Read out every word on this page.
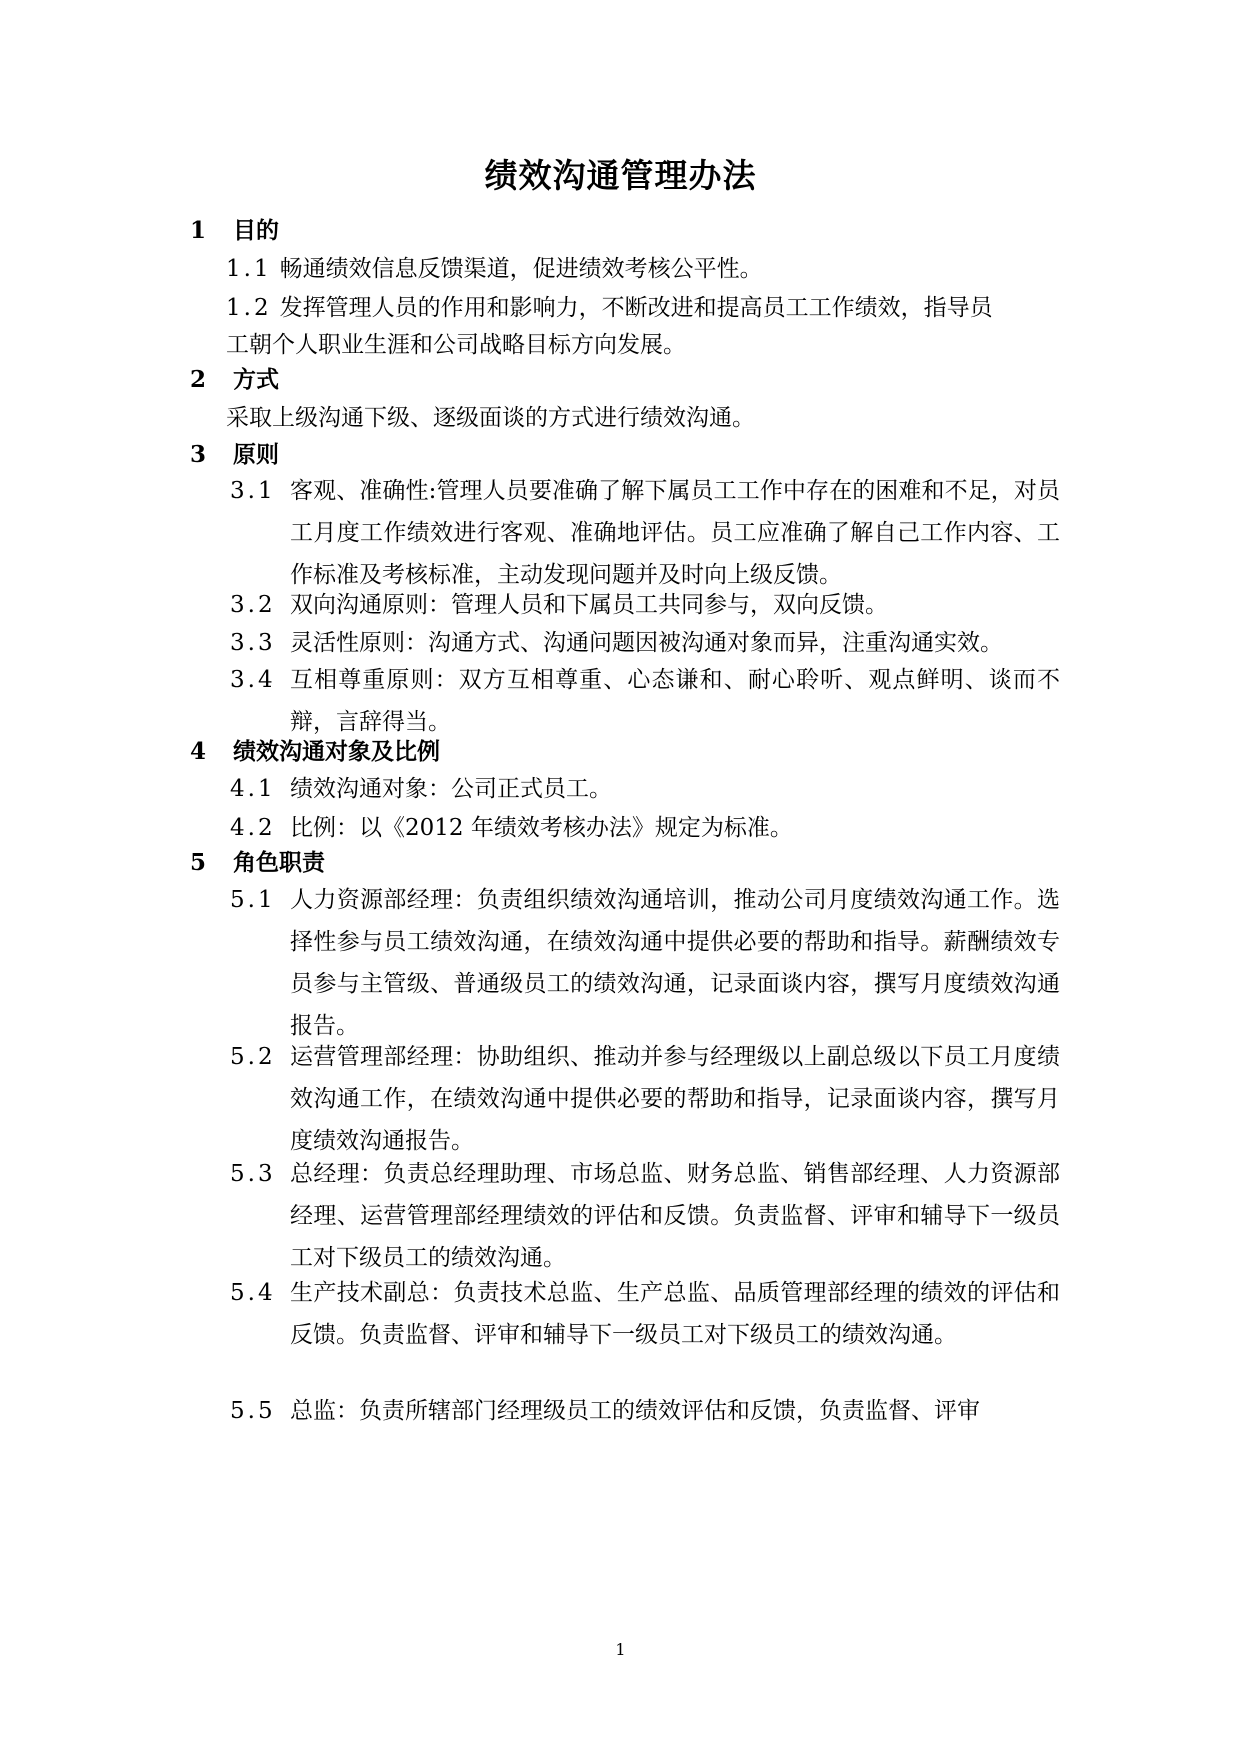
绩效沟通管理办法
1 目的
1.1 畅通绩效信息反馈渠道，促进绩效考核公平性。
1.2 发挥管理人员的作用和影响力，不断改进和提高员工工作绩效，指导员
工朝个人职业生涯和公司战略目标方向发展。
2 方式
采取上级沟通下级、逐级面谈的方式进行绩效沟通。
3 原则
3.1 客观、准确性:管理人员要准确了解下属员工工作中存在的困难和不足，对员工月度工作绩效进行客观、准确地评估。员工应准确了解自己工作内容、工作标准及考核标准，主动发现问题并及时向上级反馈。
3.2 双向沟通原则：管理人员和下属员工共同参与，双向反馈。
3.3 灵活性原则：沟通方式、沟通问题因被沟通对象而异，注重沟通实效。
3.4 互相尊重原则：双方互相尊重、心态谦和、耐心聆听、观点鲜明、谈而不辩，言辞得当。
4 绩效沟通对象及比例
4.1 绩效沟通对象：公司正式员工。
4.2 比例：以《2012 年绩效考核办法》规定为标准。
5 角色职责
5.1 人力资源部经理：负责组织绩效沟通培训，推动公司月度绩效沟通工作。选择性参与员工绩效沟通，在绩效沟通中提供必要的帮助和指导。薪酬绩效专员参与主管级、普通级员工的绩效沟通，记录面谈内容，撰写月度绩效沟通报告。
5.2 运营管理部经理：协助组织、推动并参与经理级以上副总级以下员工月度绩效沟通工作，在绩效沟通中提供必要的帮助和指导，记录面谈内容，撰写月度绩效沟通报告。
5.3 总经理：负责总经理助理、市场总监、财务总监、销售部经理、人力资源部经理、运营管理部经理绩效的评估和反馈。负责监督、评审和辅导下一级员工对下级员工的绩效沟通。
5.4 生产技术副总：负责技术总监、生产总监、品质管理部经理的绩效的评估和反馈。负责监督、评审和辅导下一级员工对下级员工的绩效沟通。
5.5 总监：负责所辖部门经理级员工的绩效评估和反馈，负责监督、评审
1
